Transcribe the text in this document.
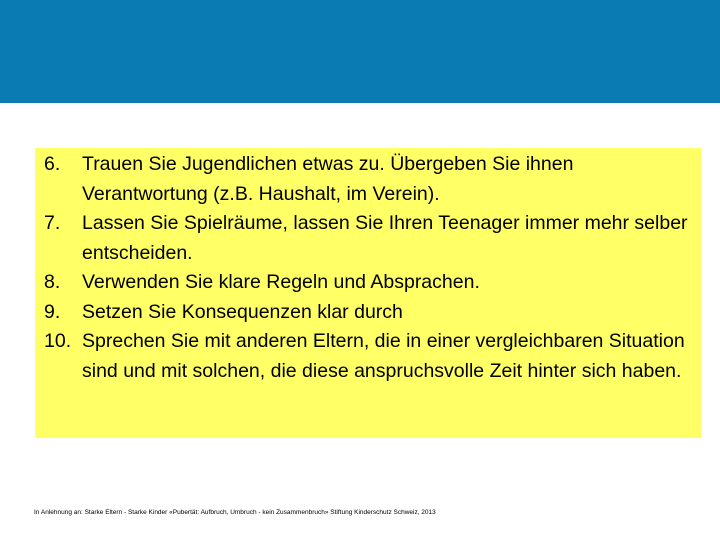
6.	Trauen Sie Jugendlichen etwas zu. Übergeben Sie ihnen Verantwortung (z.B. Haushalt, im Verein).
7.	Lassen Sie Spielräume, lassen Sie Ihren Teenager immer mehr selber entscheiden.
8.	Verwenden Sie klare Regeln und Absprachen.
9.	Setzen Sie Konsequenzen klar durch
10. Sprechen Sie mit anderen Eltern, die in einer vergleichbaren Situation sind und mit solchen, die diese anspruchsvolle Zeit hinter sich haben.
In Anlehnung an: Starke Eltern - Starke Kinder «Pubertät: Aufbruch, Umbruch - kein Zusammenbruch» Stiftung Kinderschutz Schweiz, 2013
